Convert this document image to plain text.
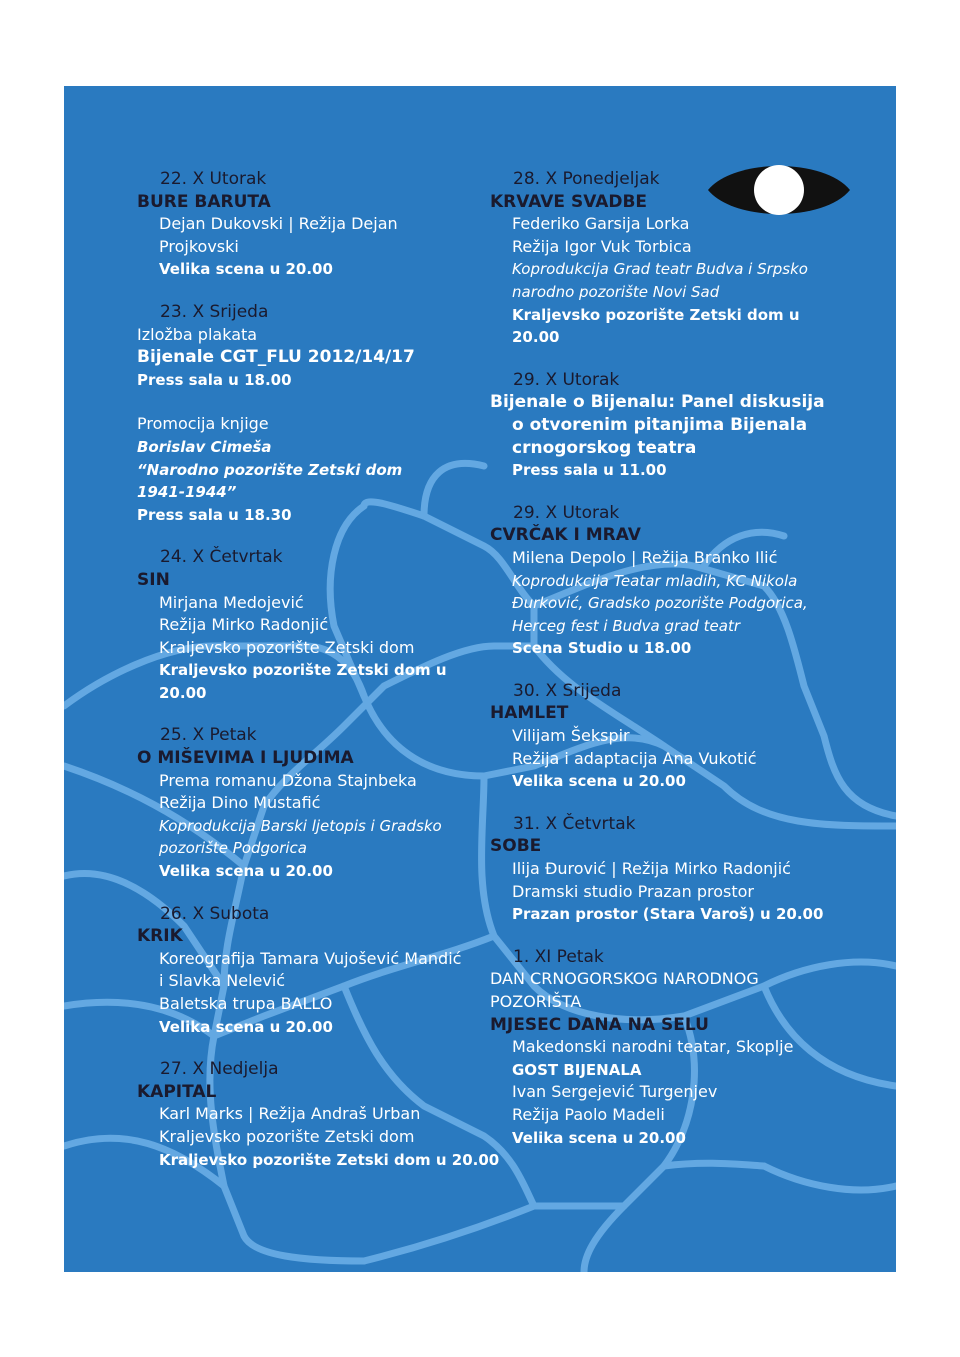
22. X Utorak
BURE BARUTA
Dejan Dukovski | Režija Dejan
Projkovski
Velika scena u 20.00
23. X Srijeda
Izložba plakata
Bijenale CGT_FLU 2012/14/17
Press sala u 18.00
Promocija knjige
Borislav Cimeša
“Narodno pozorište Zetski dom
1941-1944”
Press sala u 18.30
24. X Četvrtak
SIN
Mirjana Medojević
Režija Mirko Radonjić
Kraljevsko pozorište Zetski dom
Kraljevsko pozorište Zetski dom u
20.00
25. X Petak
O MIŠEVIMA I LJUDIMA
Prema romanu Džona Stajnbeka
Režija Dino Mustafić
Koprodukcija Barski ljetopis i Gradsko
pozorište Podgorica
Velika scena u 20.00
26. X Subota
KRIK
Koreografija Tamara Vujošević Mandić
i Slavka Nelević
Baletska trupa BALLO
Velika scena u 20.00
27. X Nedjelja
KAPITAL
Karl Marks | Režija Andraš Urban
Kraljevsko pozorište Zetski dom
Kraljevsko pozorište Zetski dom u 20.00
28. X Ponedjeljak
KRVAVE SVADBE
Federiko Garsija Lorka
Režija Igor Vuk Torbica
Koprodukcija Grad teatr Budva i Srpsko
narodno pozorište Novi Sad
Kraljevsko pozorište Zetski dom u
20.00
29. X Utorak
Bijenale o Bijenalu: Panel diskusija
o otvorenim pitanjima Bijenala
crnogorskog teatra
Press sala u 11.00
29. X Utorak
CVRČAK I MRAV
Milena Depolo | Režija Branko Ilić
Koprodukcija Teatar mladih, KC Nikola
Đurković, Gradsko pozorište Podgorica,
Herceg fest i Budva grad teatr
Scena Studio u 18.00
30. X Srijeda
HAMLET
Vilijam Šekspir
Režija i adaptacija Ana Vukotić
Velika scena u 20.00
31. X Četvrtak
SOBE
Ilija Đurović | Režija Mirko Radonjić
Dramski studio Prazan prostor
Prazan prostor (Stara Varoš) u 20.00
1. XI Petak
DAN CRNOGORSKOG NARODNOG
POZORIŠTA
MJESEC DANA NA SELU
Makedonski narodni teatar, Skoplje
GOST BIJENALA
Ivan Sergejević Turgenjev
Režija Paolo Madeli
Velika scena u 20.00
